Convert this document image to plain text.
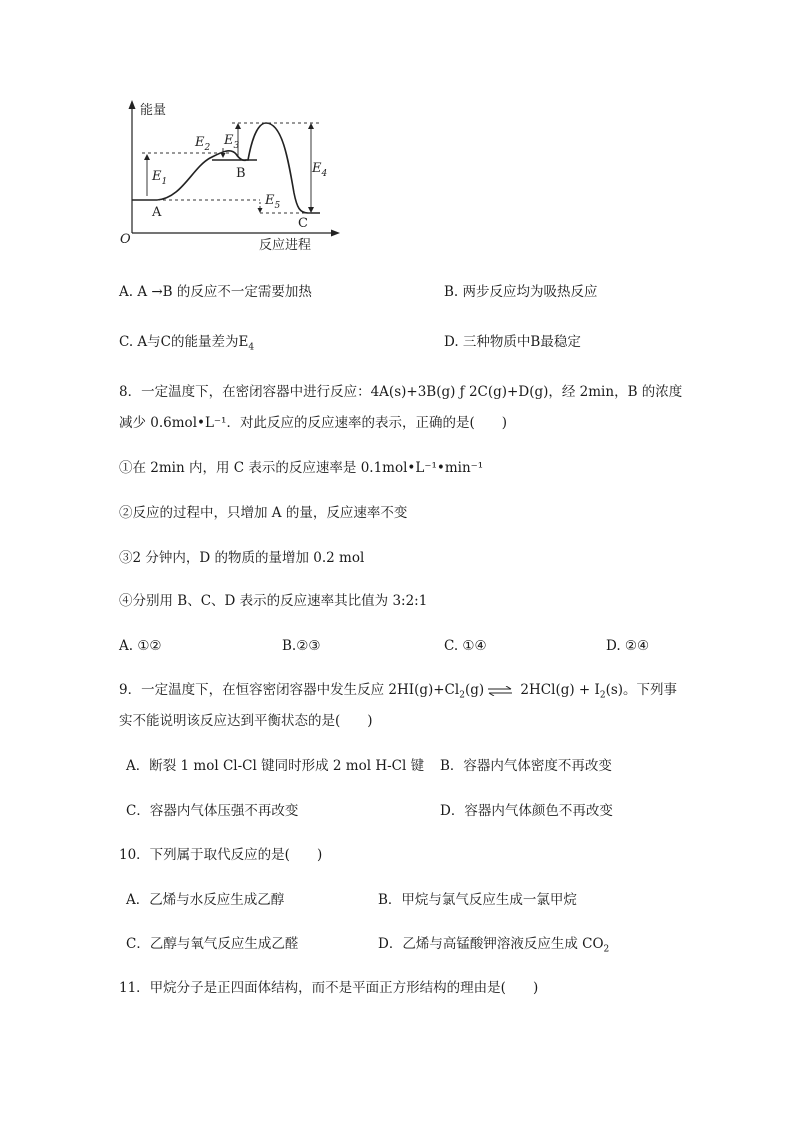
能量
反应进程
O
A
B
C
$E_1$
$E_2$ $E_3$
$E_4$
$E_5$
A. A →B 的反应不一定需要加热	B. 两步反应均为吸热反应
C. A与C的能量差为$E_4$	D. 三种物质中B最稳定
8．一定温度下，在密闭容器中进行反应：4A(s)+3B(g) ƒ 2C(g)+D(g)，经 2min，B 的浓度
减少 0.6mol•L⁻¹．对此反应的反应速率的表示，正确的是(　　)
①在 2min 内，用 C 表示的反应速率是 0.1mol•L⁻¹•min⁻¹
②反应的过程中，只增加 A 的量，反应速率不变
③2 分钟内，D 的物质的量增加 0.2 mol
④分别用 B、C、D 表示的反应速率其比值为 3:2:1
A. ①②	B.②③	C. ①④	D. ②④
9．一定温度下，在恒容密闭容器中发生反应 $2HI(g)+Cl_2(g)$ ⇌ $2HCl(g) + I_2(s)$。下列事
实不能说明该反应达到平衡状态的是(　　)
A．断裂 1 mol Cl-Cl 键同时形成 2 mol H-Cl 键 B．容器内气体密度不再改变
C．容器内气体压强不再改变	D．容器内气体颜色不再改变
10．下列属于取代反应的是(　　)
A．乙烯与水反应生成乙醇	B．甲烷与氯气反应生成一氯甲烷
C．乙醇与氧气反应生成乙醛	D．乙烯与高锰酸钾溶液反应生成 $CO_2$
11．甲烷分子是正四面体结构，而不是平面正方形结构的理由是(　　)
